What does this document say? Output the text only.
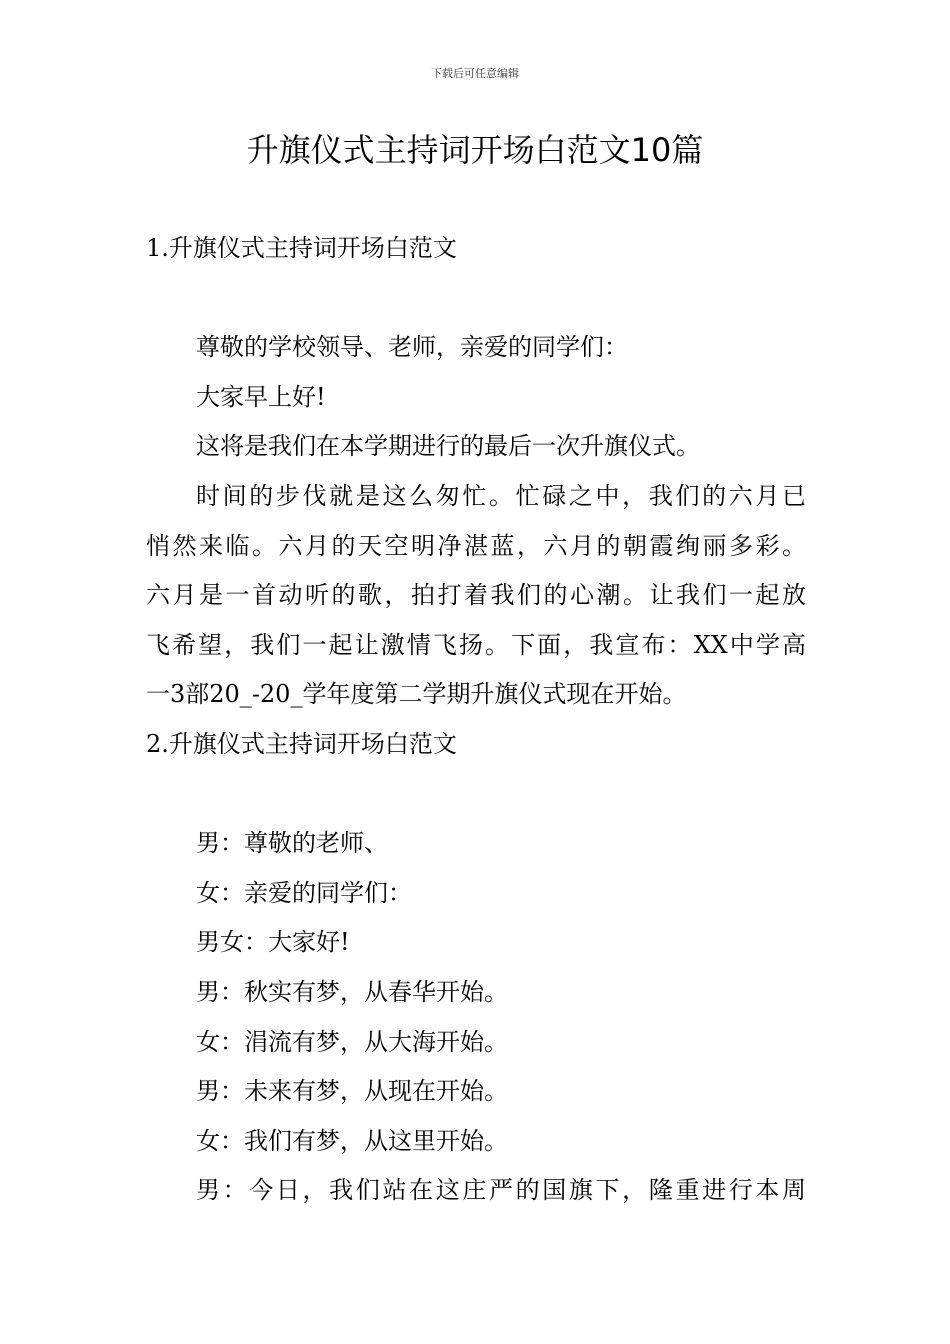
下载后可任意编辑
升旗仪式主持词开场白范文10篇
1.升旗仪式主持词开场白范文
尊敬的学校领导、老师，亲爱的同学们：
大家早上好!
这将是我们在本学期进行的最后一次升旗仪式。
时间的步伐就是这么匆忙。忙碌之中，我们的六月已
悄然来临。六月的天空明净湛蓝，六月的朝霞绚丽多彩。
六月是一首动听的歌，拍打着我们的心潮。让我们一起放
飞希望，我们一起让激情飞扬。下面，我宣布：XX中学高
一3部20_-20_学年度第二学期升旗仪式现在开始。
2.升旗仪式主持词开场白范文
男：尊敬的老师、
女：亲爱的同学们：
男女：大家好!
男：秋实有梦，从春华开始。
女：涓流有梦，从大海开始。
男：未来有梦，从现在开始。
女：我们有梦，从这里开始。
男：今日，我们站在这庄严的国旗下，隆重进行本周
